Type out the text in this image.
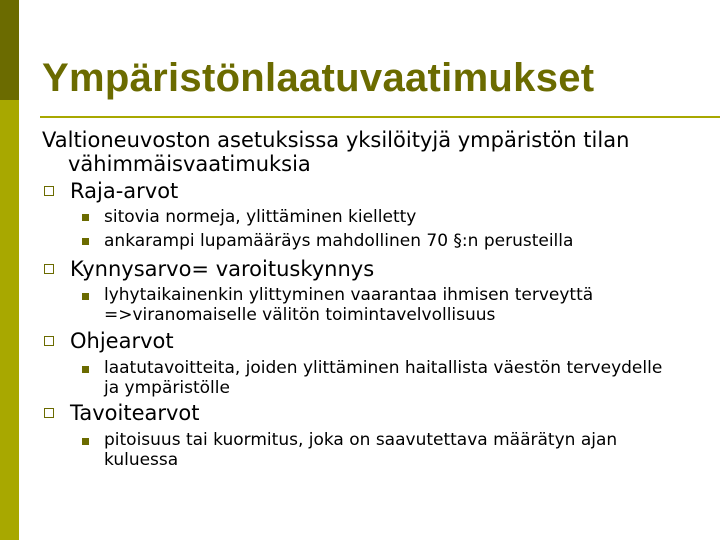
Ympäristönlaatuvaatimukset

Valtioneuvoston asetuksissa yksilöityjä ympäristön tilan vähimmäisvaatimuksia

Raja-arvot

sitovia normeja, ylittäminen kielletty

ankarampi lupamääräys mahdollinen 70 §:n perusteilla

Kynnysarvo= varoituskynnys

lyhytaikainenkin ylittyminen vaarantaa ihmisen terveyttä =>viranomaiselle välitön toimintavelvollisuus

Ohjearvot

laatutavoitteita, joiden ylittäminen haitallista väestön terveydelle ja ympäristölle

Tavoitearvot

pitoisuus tai kuormitus, joka on saavutettava määrätyn ajan kuluessa
